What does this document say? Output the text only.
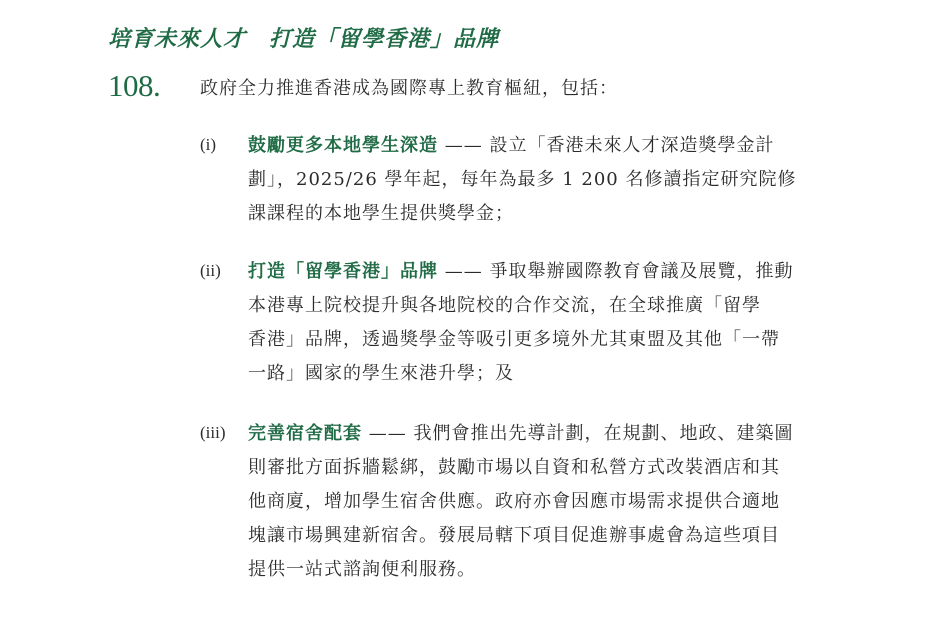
培育未來人才　打造「留學香港」品牌
108. 政府全力推進香港成為國際專上教育樞紐，包括：
(i) 鼓勵更多本地學生深造 —— 設立「香港未來人才深造獎學金計
劃」，2025/26 學年起，每年為最多 1 200 名修讀指定研究院修
課課程的本地學生提供獎學金；
(ii) 打造「留學香港」品牌 —— 爭取舉辦國際教育會議及展覽，推動
本港專上院校提升與各地院校的合作交流，在全球推廣「留學
香港」品牌，透過獎學金等吸引更多境外尤其東盟及其他「一帶
一路」國家的學生來港升學；及
(iii) 完善宿舍配套 —— 我們會推出先導計劃，在規劃、地政、建築圖
則審批方面拆牆鬆綁，鼓勵市場以自資和私營方式改裝酒店和其
他商廈，增加學生宿舍供應。政府亦會因應市場需求提供合適地
塊讓市場興建新宿舍。發展局轄下項目促進辦事處會為這些項目
提供一站式諮詢便利服務。
